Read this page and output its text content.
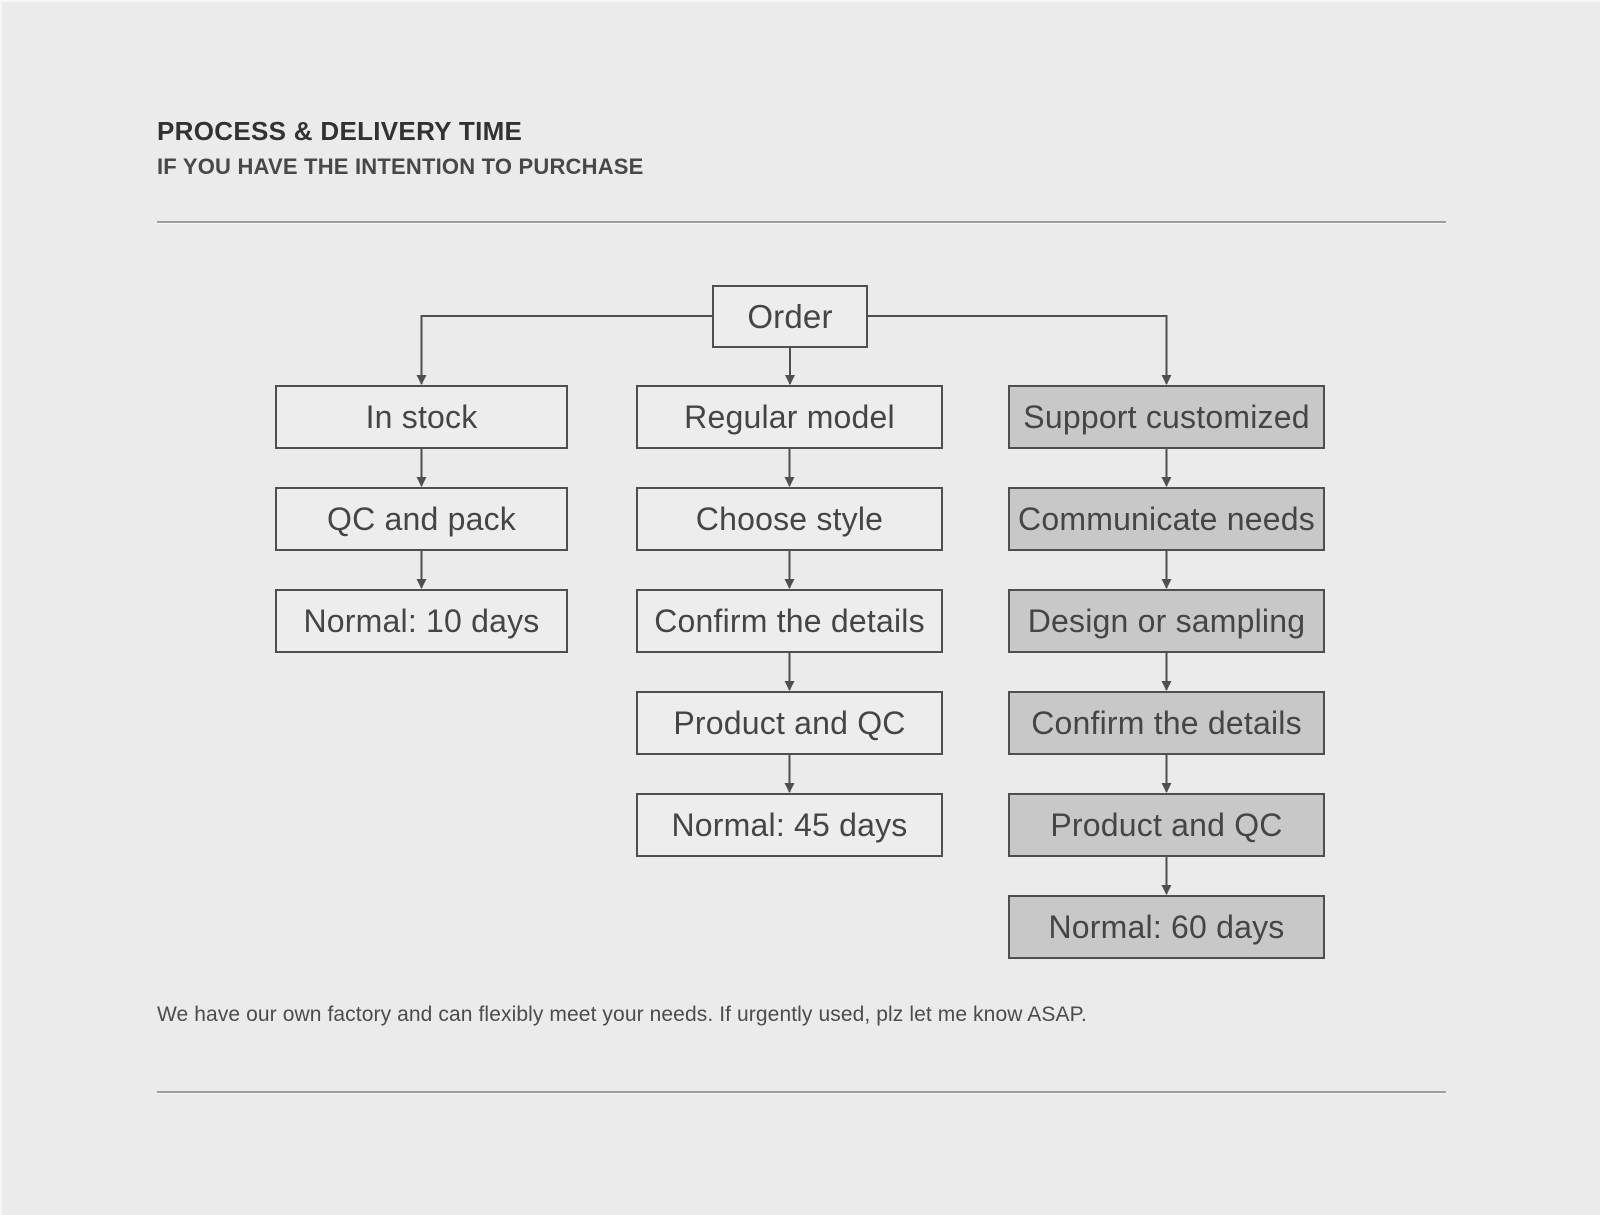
PROCESS & DELIVERY TIME
IF YOU HAVE THE INTENTION TO PURCHASE
Order
In stock
QC and pack
Normal: 10 days
Regular model
Choose style
Confirm the details
Product and QC
Normal: 45 days
Support customized
Communicate needs
Design or sampling
Confirm the details
Product and QC
Normal: 60 days
We have our own factory and can flexibly meet your needs. If urgently used, plz let me know ASAP.
